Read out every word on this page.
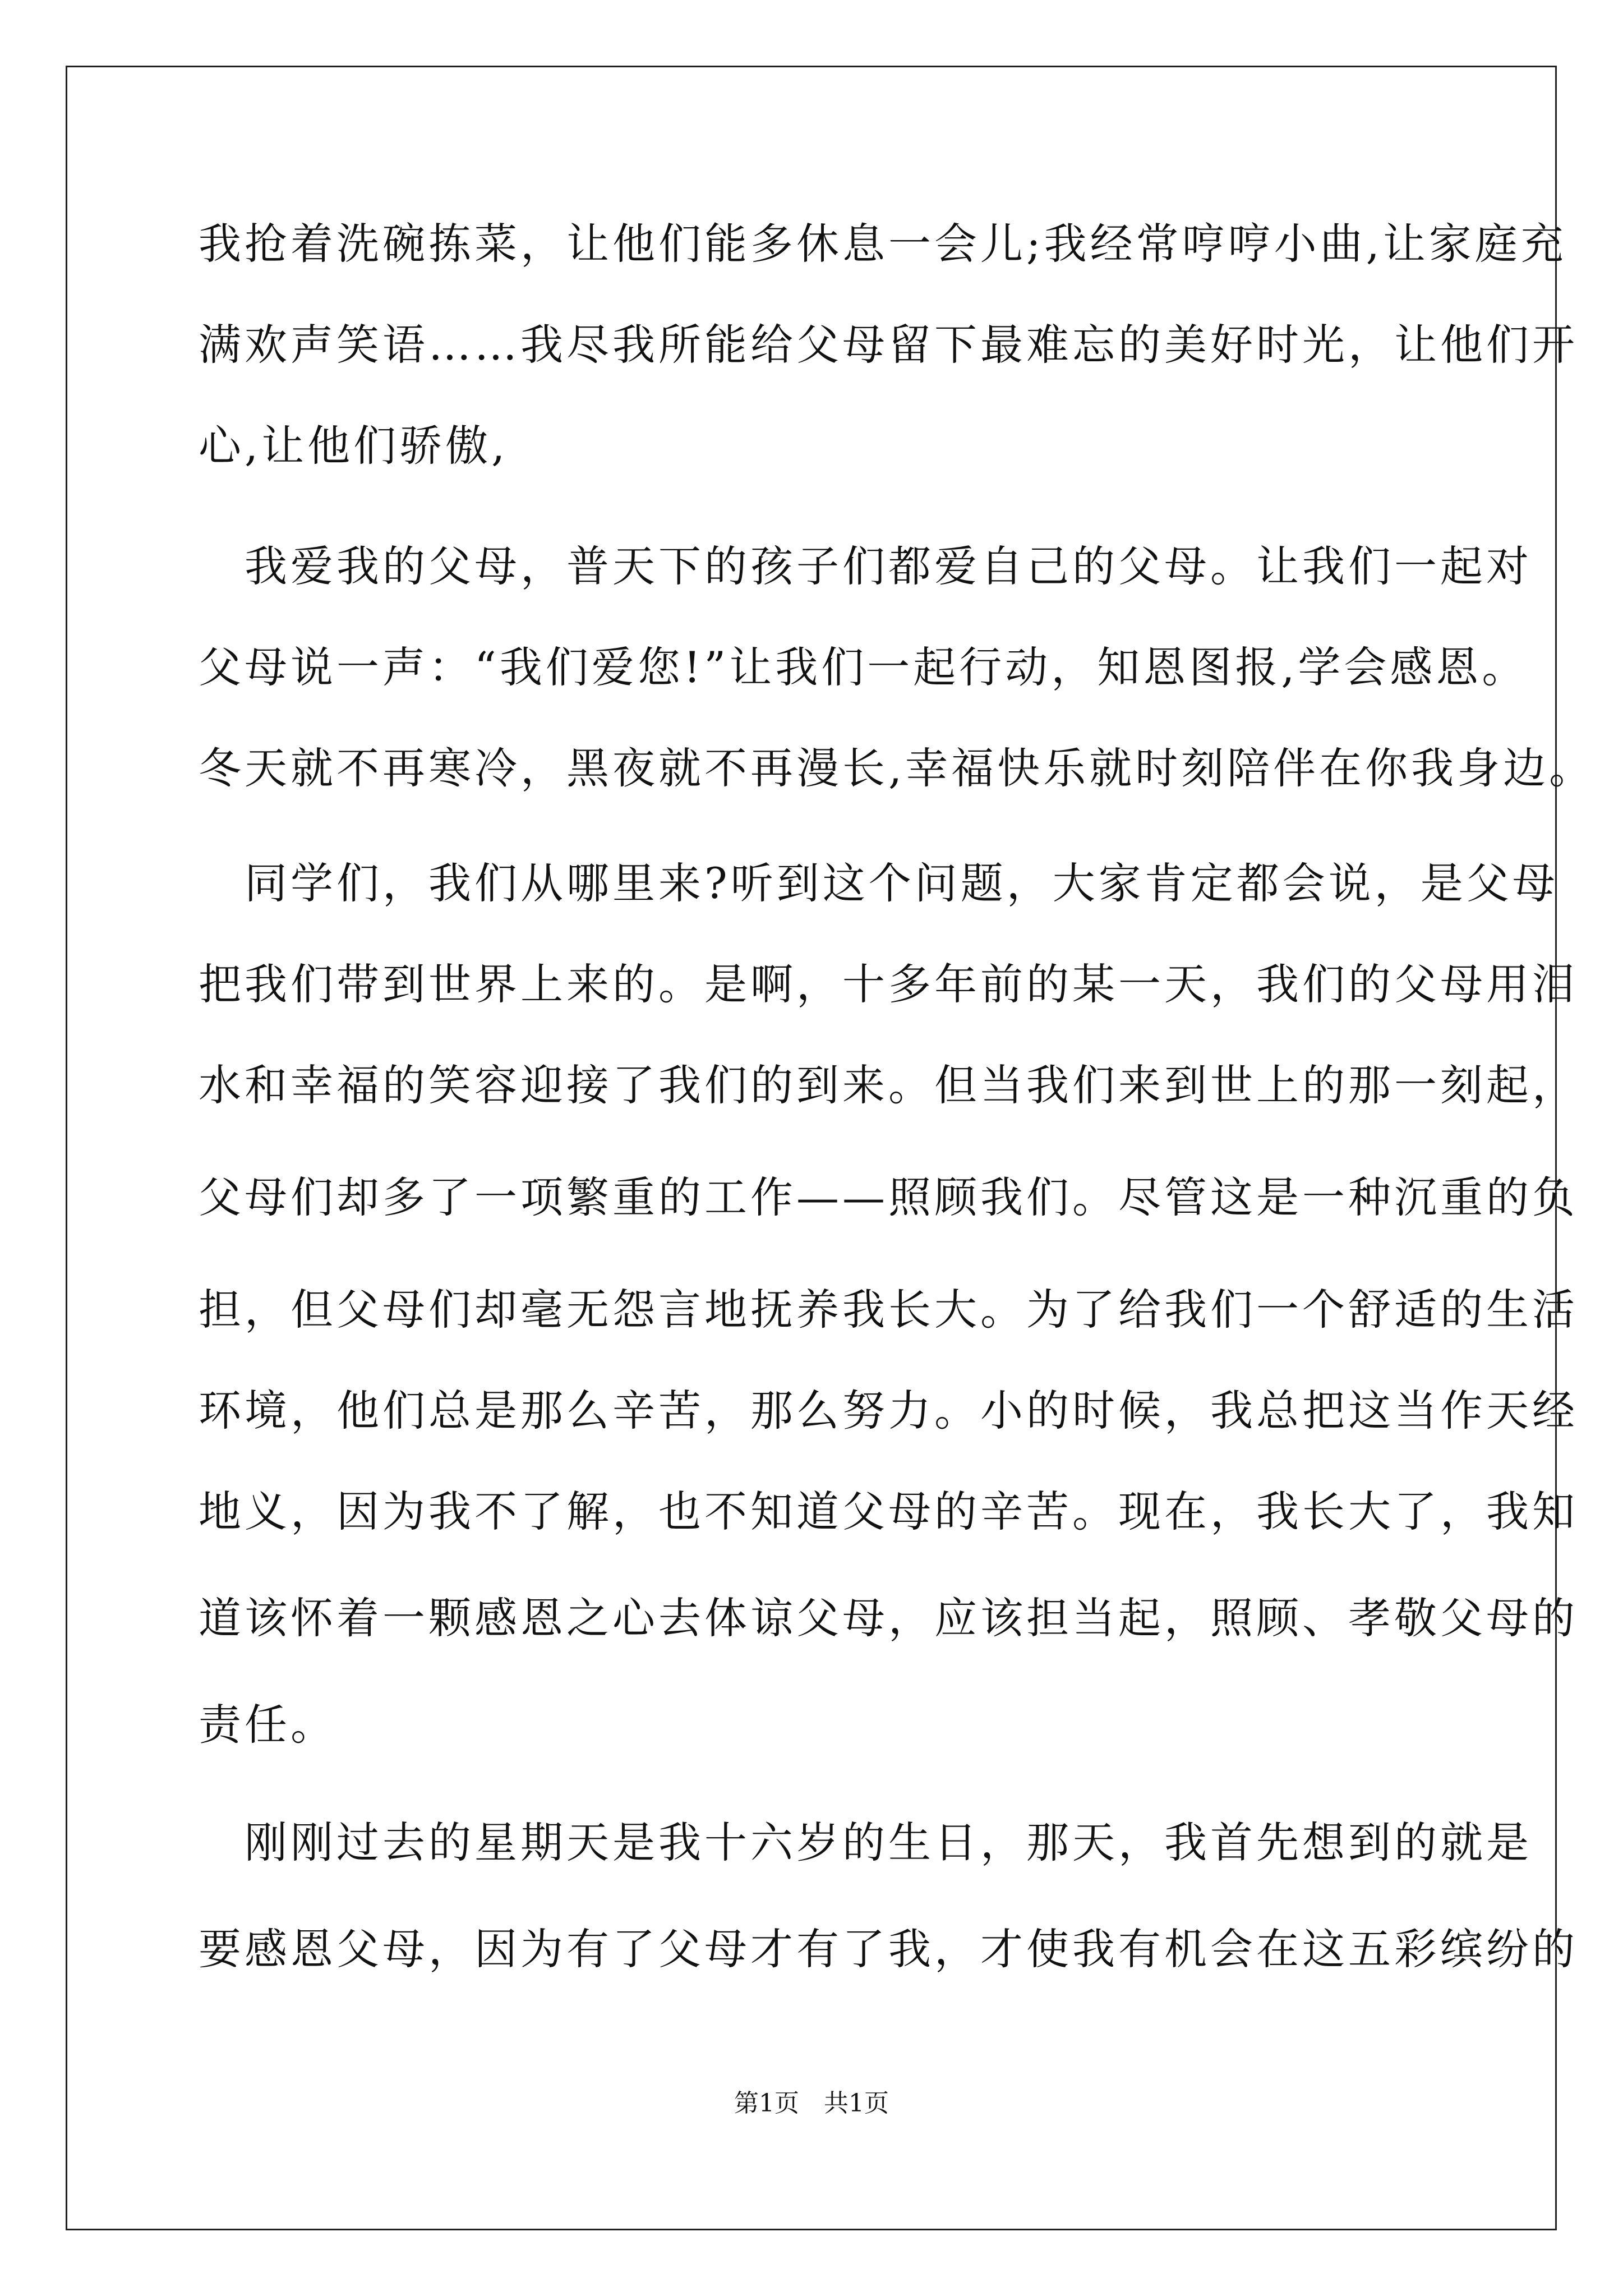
我抢着洗碗拣菜，让他们能多休息一会儿;我经常哼哼小曲,让家庭充
满欢声笑语……我尽我所能给父母留下最难忘的美好时光，让他们开
心,让他们骄傲,
　我爱我的父母，普天下的孩子们都爱自己的父母。让我们一起对
父母说一声：“我们爱您!”让我们一起行动，知恩图报,学会感恩。
冬天就不再寒冷，黑夜就不再漫长,幸福快乐就时刻陪伴在你我身边。
　同学们，我们从哪里来?听到这个问题，大家肯定都会说，是父母
把我们带到世界上来的。是啊，十多年前的某一天，我们的父母用泪
水和幸福的笑容迎接了我们的到来。但当我们来到世上的那一刻起，
父母们却多了一项繁重的工作——照顾我们。尽管这是一种沉重的负
担，但父母们却毫无怨言地抚养我长大。为了给我们一个舒适的生活
环境，他们总是那么辛苦，那么努力。小的时候，我总把这当作天经
地义，因为我不了解，也不知道父母的辛苦。现在，我长大了，我知
道该怀着一颗感恩之心去体谅父母，应该担当起，照顾、孝敬父母的
责任。
　刚刚过去的星期天是我十六岁的生日，那天，我首先想到的就是
要感恩父母，因为有了父母才有了我，才使我有机会在这五彩缤纷的
第1页　共1页
